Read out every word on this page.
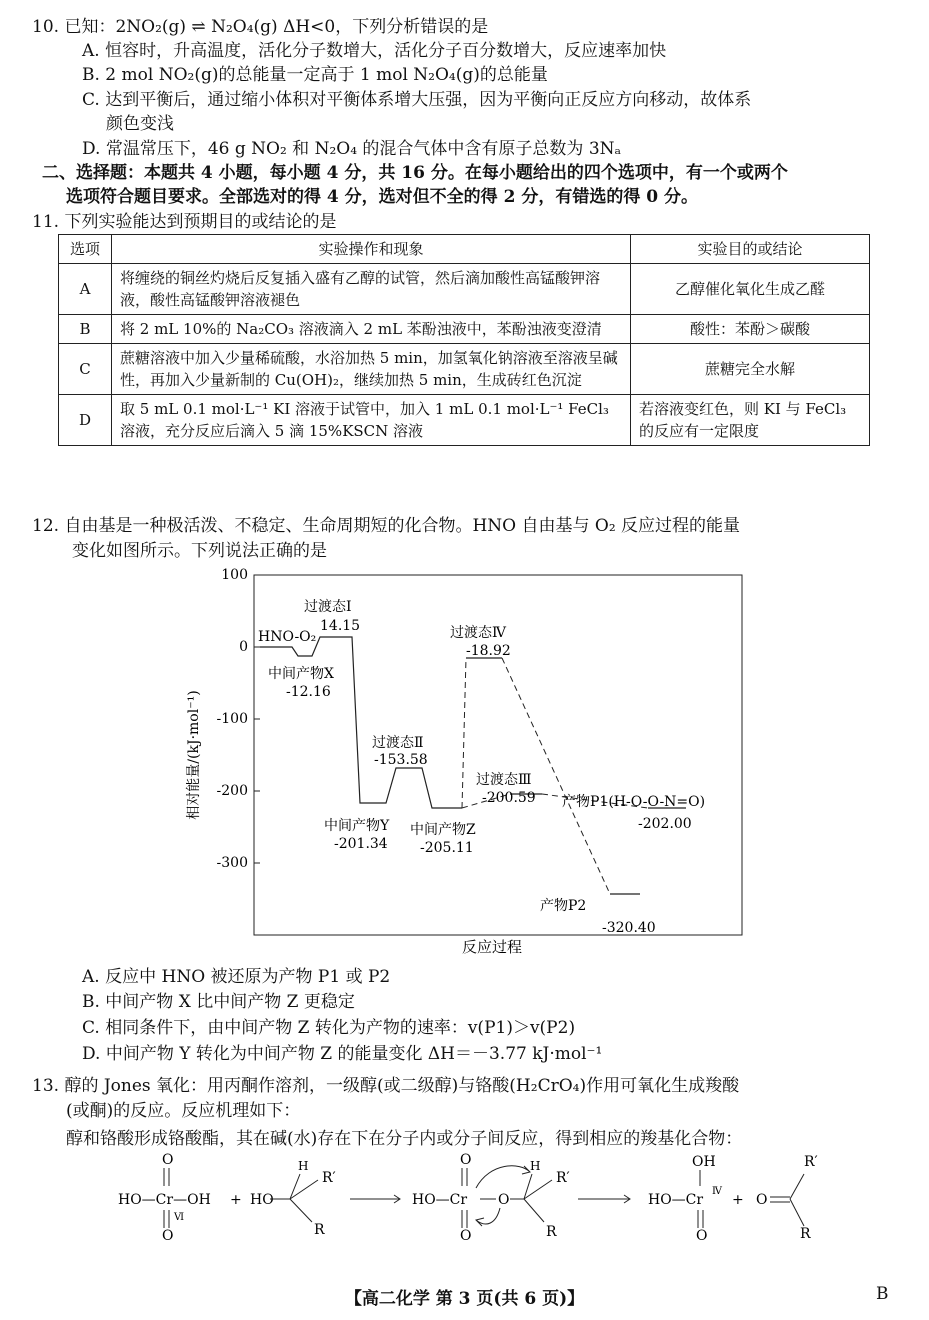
10. 已知：2NO₂(g) ⇌ N₂O₄(g) ΔH<0，下列分析错误的是
A. 恒容时，升高温度，活化分子数增大，活化分子百分数增大，反应速率加快
B. 2 mol NO₂(g)的总能量一定高于 1 mol N₂O₄(g)的总能量
C. 达到平衡后，通过缩小体积对平衡体系增大压强，因为平衡向正反应方向移动，故体系
颜色变浅
D. 常温常压下，46 g NO₂ 和 N₂O₄ 的混合气体中含有原子总数为 3Nₐ
二、选择题：本题共 4 小题，每小题 4 分，共 16 分。在每小题给出的四个选项中，有一个或两个
选项符合题目要求。全部选对的得 4 分，选对但不全的得 2 分，有错选的得 0 分。
11. 下列实验能达到预期目的或结论的是
选项	实验操作和现象	实验目的或结论
A	将缠绕的铜丝灼烧后反复插入盛有乙醇的试管，然后滴加酸性高锰酸钾溶液，酸性高锰酸钾溶液褪色	乙醇催化氧化生成乙醛
B	将 2 mL 10%的 Na₂CO₃ 溶液滴入 2 mL 苯酚浊液中，苯酚浊液变澄清	酸性：苯酚＞碳酸
C	蔗糖溶液中加入少量稀硫酸，水浴加热 5 min，加氢氧化钠溶液至溶液呈碱性，再加入少量新制的 Cu(OH)₂，继续加热 5 min，生成砖红色沉淀	蔗糖完全水解
D	取 5 mL 0.1 mol·L⁻¹ KI 溶液于试管中，加入 1 mL 0.1 mol·L⁻¹ FeCl₃ 溶液，充分反应后滴入 5 滴 15%KSCN 溶液	若溶液变红色，则 KI 与 FeCl₃ 的反应有一定限度
12. 自由基是一种极活泼、不稳定、生命周期短的化合物。HNO 自由基与 O₂ 反应过程的能量
变化如图所示。下列说法正确的是
100
0
-100
-200
-300
相对能量/(kJ·mol⁻¹)
反应过程
HNO-O₂
中间产物X
过渡态Ⅰ
中间产物Y
过渡态Ⅱ
中间产物Z
过渡态Ⅲ
产物P1(H-O-O-N=O)
过渡态Ⅳ
产物P2
14.15
-12.16
-201.34
-153.58
-205.11
-200.59
-202.00
-18.92
-320.40
A. 反应中 HNO 被还原为产物 P1 或 P2
B. 中间产物 X 比中间产物 Z 更稳定
C. 相同条件下，由中间产物 Z 转化为产物的速率：v(P1)＞v(P2)
D. 中间产物 Y 转化为中间产物 Z 的能量变化 ΔH＝－3.77 kJ·mol⁻¹
13. 醇的 Jones 氧化：用丙酮作溶剂，一级醇(或二级醇)与铬酸(H₂CrO₄)作用可氧化生成羧酸
(或酮)的反应。反应机理如下：
醇和铬酸形成铬酸酯，其在碱(水)存在下在分子内或分子间反应，得到相应的羧基化合物：
O
HO—Cr—OH
Ⅵ
O
+ HO
H
R′
R
O
HO—Cr O
H
R′
R
O
OH
HO—Cr
Ⅳ
O
+ O
R′
R
【高二化学 第 3 页(共 6 页)】	B
